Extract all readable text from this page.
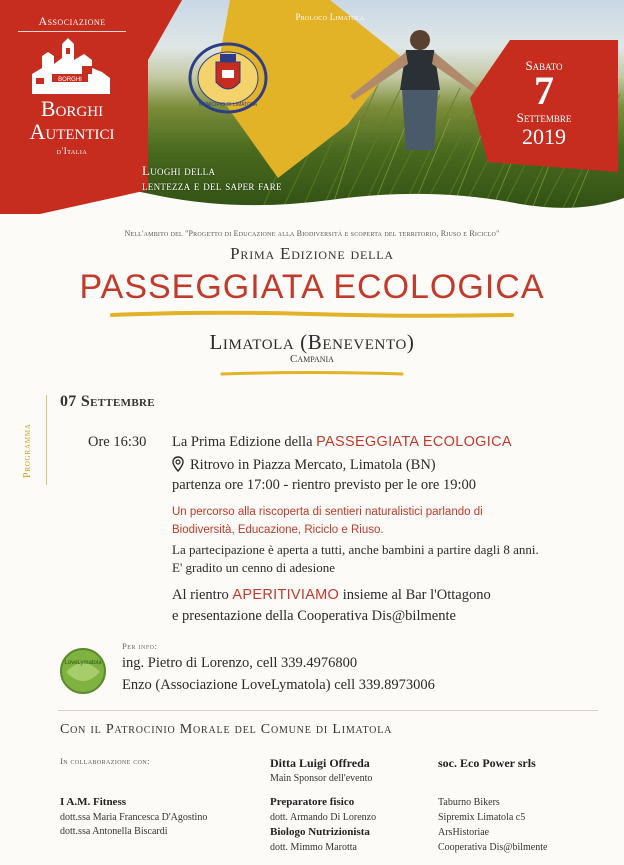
Associazione
BORGHI
Borghi
Autentici
d'Italia
Proloco Limatola
MUNICIPIO DI LIMATOLA
Luoghi della
lentezza e del saper fare
Sabato
7
Settembre
2019
Nell'ambito del "Progetto di Educazione alla Biodiversità e scoperta del territorio, Riuso e Riciclo"
Prima Edizione della
PASSEGGIATA ECOLOGICA
Limatola (Benevento)
Campania
Programma
07 Settembre
Ore 16:30 La Prima Edizione della PASSEGGIATA ECOLOGICA
Ritrovo in Piazza Mercato, Limatola (BN)
partenza ore 17:00 - rientro previsto per le ore 19:00
Un percorso alla riscoperta di sentieri naturalistici parlando di
Biodiversità, Educazione, Riciclo e Riuso.
La partecipazione è aperta a tutti, anche bambini a partire dagli 8 anni.
E' gradito un cenno di adesione
Al rientro APERITIVIAMO insieme al Bar l'Ottagono
e presentazione della Cooperativa Dis@bilmente
LoveLymatola
Per info:
ing. Pietro di Lorenzo, cell 339.4976800
Enzo (Associazione LoveLymatola) cell 339.8973006
Con il Patrocinio Morale del Comune di Limatola
In collaborazione con:	Ditta Luigi Offreda
Main Sponsor dell'evento
soc. Eco Power srls
I A.M. Fitness
dott.ssa Maria Francesca D'Agostino
dott.ssa Antonella Biscardi
Preparatore fisico
dott. Armando Di Lorenzo
Biologo Nutrizionista
dott. Mimmo Marotta
Taburno Bikers
Sipremix Limatola c5
ArsHistoriae
Cooperativa Dis@bilmente
